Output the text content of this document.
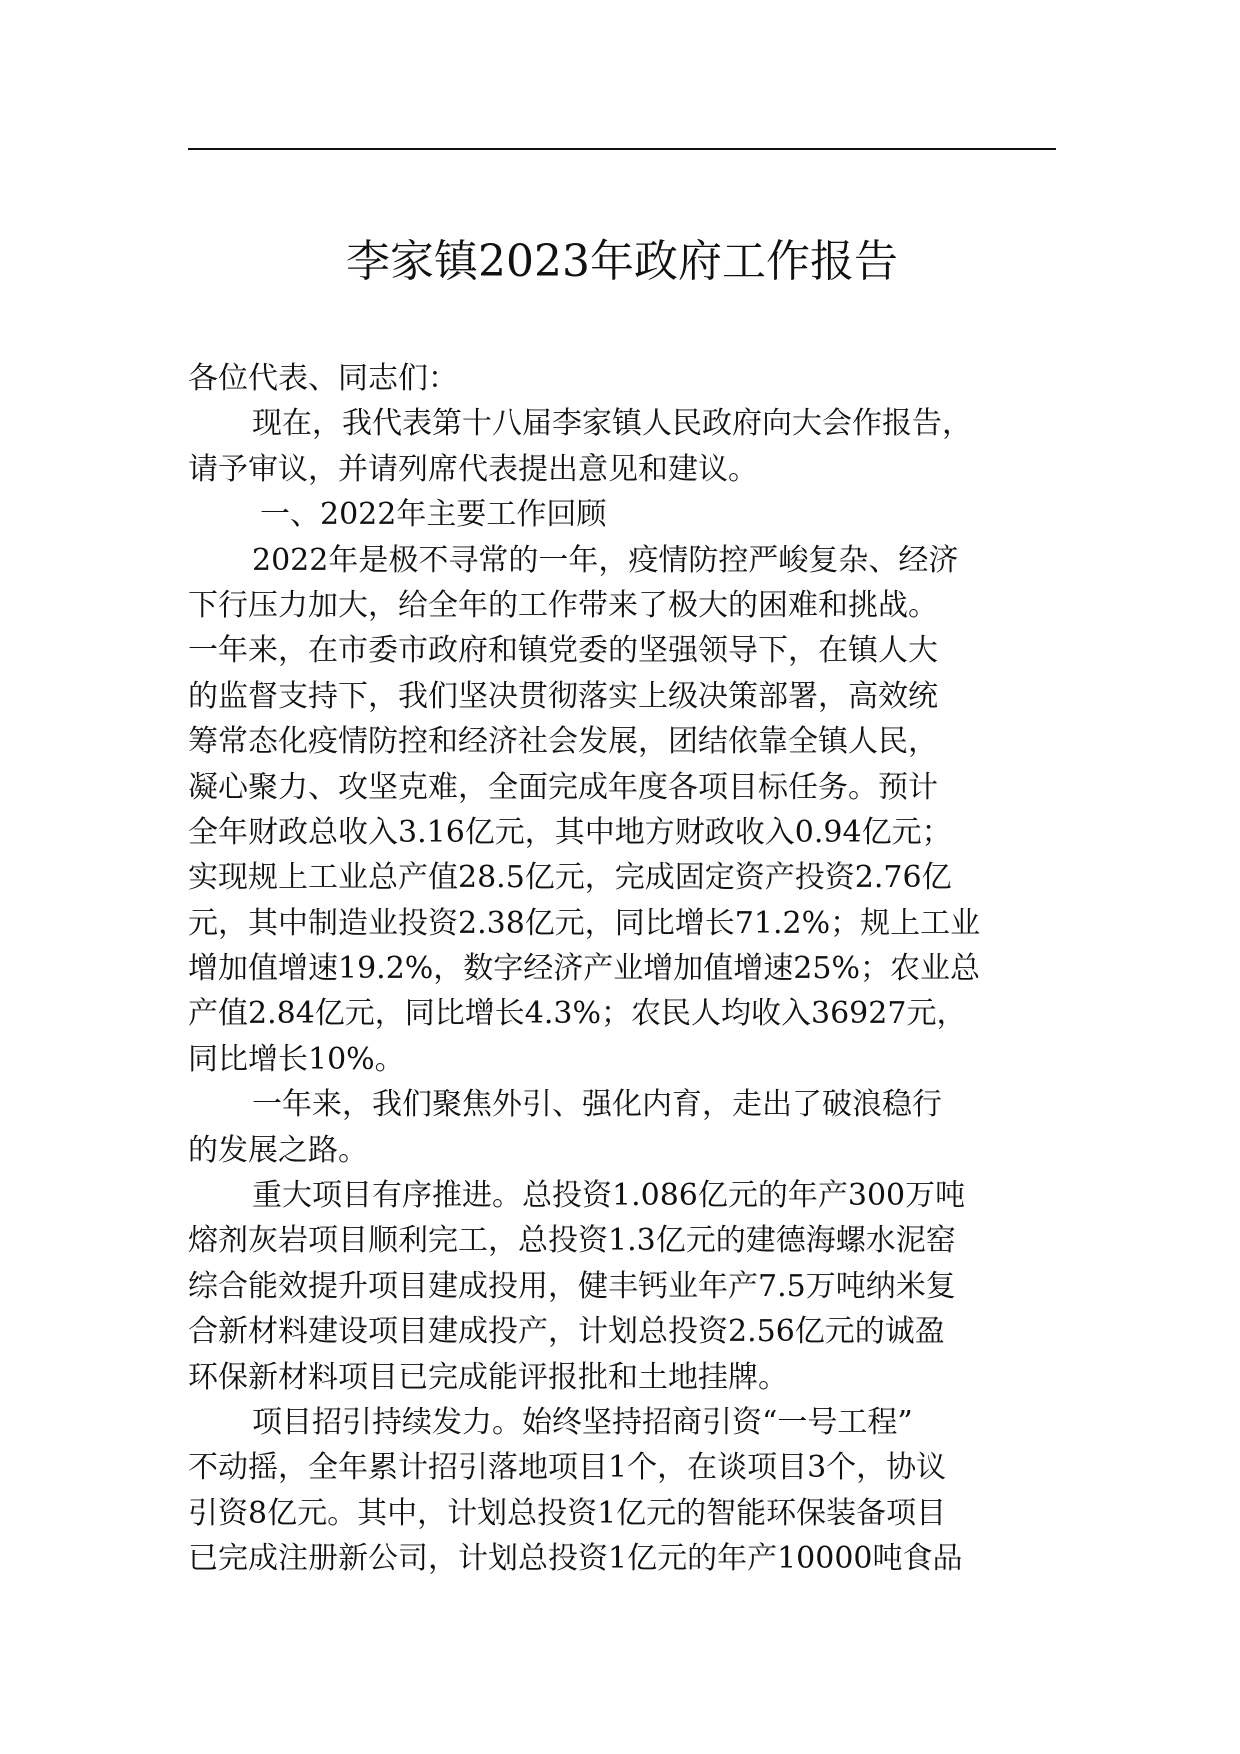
李家镇2023年政府工作报告
各位代表、同志们：
现在，我代表第十八届李家镇人民政府向大会作报告，
请予审议，并请列席代表提出意见和建议。
一、2022年主要工作回顾
2022年是极不寻常的一年，疫情防控严峻复杂、经济
下行压力加大，给全年的工作带来了极大的困难和挑战。
一年来，在市委市政府和镇党委的坚强领导下，在镇人大
的监督支持下，我们坚决贯彻落实上级决策部署，高效统
筹常态化疫情防控和经济社会发展，团结依靠全镇人民，
凝心聚力、攻坚克难，全面完成年度各项目标任务。预计
全年财政总收入3.16亿元，其中地方财政收入0.94亿元；
实现规上工业总产值28.5亿元，完成固定资产投资2.76亿
元，其中制造业投资2.38亿元，同比增长71.2%；规上工业
增加值增速19.2%，数字经济产业增加值增速25%；农业总
产值2.84亿元，同比增长4.3%；农民人均收入36927元，
同比增长10%。
一年来，我们聚焦外引、强化内育，走出了破浪稳行
的发展之路。
重大项目有序推进。总投资1.086亿元的年产300万吨
熔剂灰岩项目顺利完工，总投资1.3亿元的建德海螺水泥窑
综合能效提升项目建成投用，健丰钙业年产7.5万吨纳米复
合新材料建设项目建成投产，计划总投资2.56亿元的诚盈
环保新材料项目已完成能评报批和土地挂牌。
项目招引持续发力。始终坚持招商引资“一号工程”
不动摇，全年累计招引落地项目1个，在谈项目3个，协议
引资8亿元。其中，计划总投资1亿元的智能环保装备项目
已完成注册新公司，计划总投资1亿元的年产10000吨食品
